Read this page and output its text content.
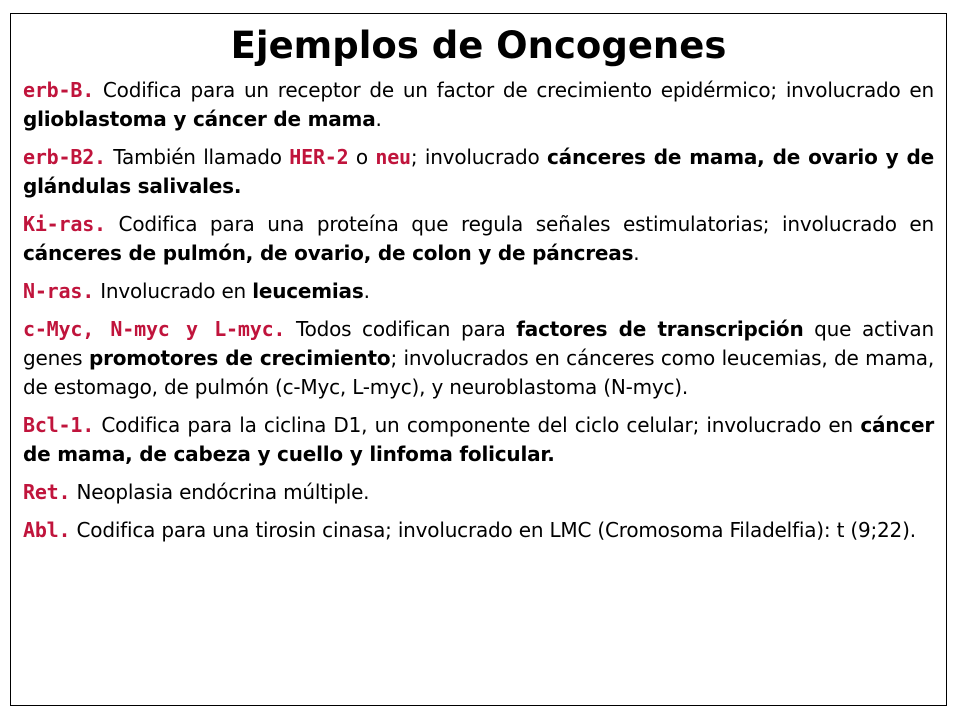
Ejemplos de Oncogenes
erb-B. Codifica para un receptor de un factor de crecimiento epidérmico; involucrado en glioblastoma y cáncer de mama.
erb-B2. También llamado HER-2 o neu; involucrado cánceres de mama, de ovario y de glándulas salivales.
Ki-ras. Codifica para una proteína que regula señales estimulatorias; involucrado en cánceres de pulmón, de ovario, de colon y de páncreas.
N-ras. Involucrado en leucemias.
c-Myc, N-myc y L-myc. Todos codifican para factores de transcripción que activan genes promotores de crecimiento; involucrados en cánceres como leucemias, de mama, de estomago, de pulmón (c-Myc, L-myc), y neuroblastoma (N-myc).
Bcl-1. Codifica para la ciclina D1, un componente del ciclo celular; involucrado en cáncer de mama, de cabeza y cuello y linfoma folicular.
Ret. Neoplasia endócrina múltiple.
Abl. Codifica para una tirosin cinasa; involucrado en LMC (Cromosoma Filadelfia): t (9;22).
